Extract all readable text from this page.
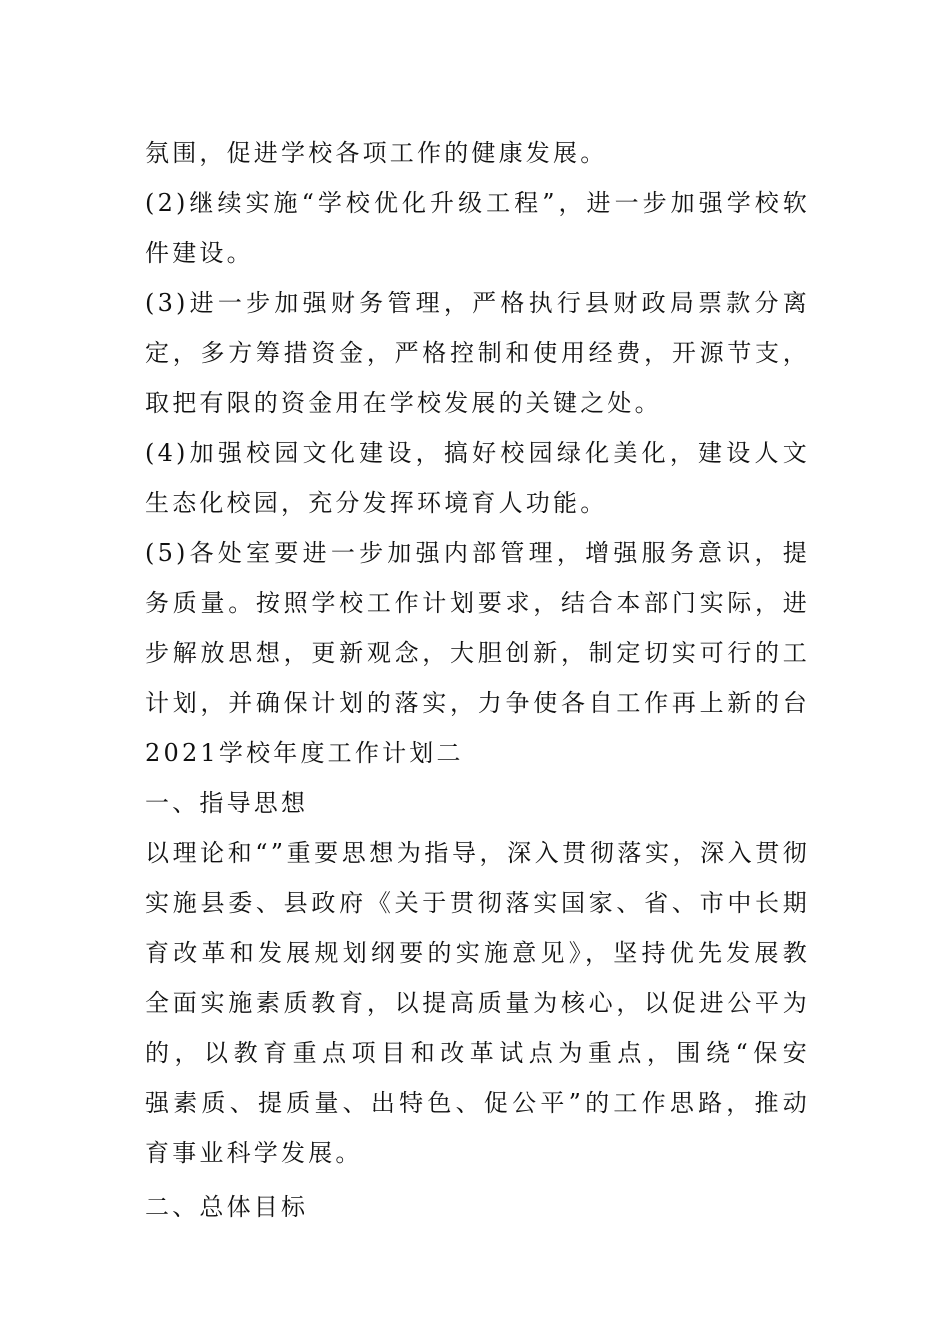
氛围，促进学校各项工作的健康发展。

(2)继续实施“学校优化升级工程”，进一步加强学校软

件建设。

(3)进一步加强财务管理，严格执行县财政局票款分离

定，多方筹措资金，严格控制和使用经费，开源节支，

取把有限的资金用在学校发展的关键之处。

(4)加强校园文化建设，搞好校园绿化美化，建设人文

生态化校园，充分发挥环境育人功能。

(5)各处室要进一步加强内部管理，增强服务意识，提

务质量。按照学校工作计划要求，结合本部门实际，进

步解放思想，更新观念，大胆创新，制定切实可行的工

计划，并确保计划的落实，力争使各自工作再上新的台

2021学校年度工作计划二

一、指导思想

以理论和“”重要思想为指导，深入贯彻落实，深入贯彻

实施县委、县政府《关于贯彻落实国家、省、市中长期

育改革和发展规划纲要的实施意见》，坚持优先发展教

全面实施素质教育，以提高质量为核心，以促进公平为

的，以教育重点项目和改革试点为重点，围绕“保安

强素质、提质量、出特色、促公平”的工作思路，推动

育事业科学发展。

二、总体目标
